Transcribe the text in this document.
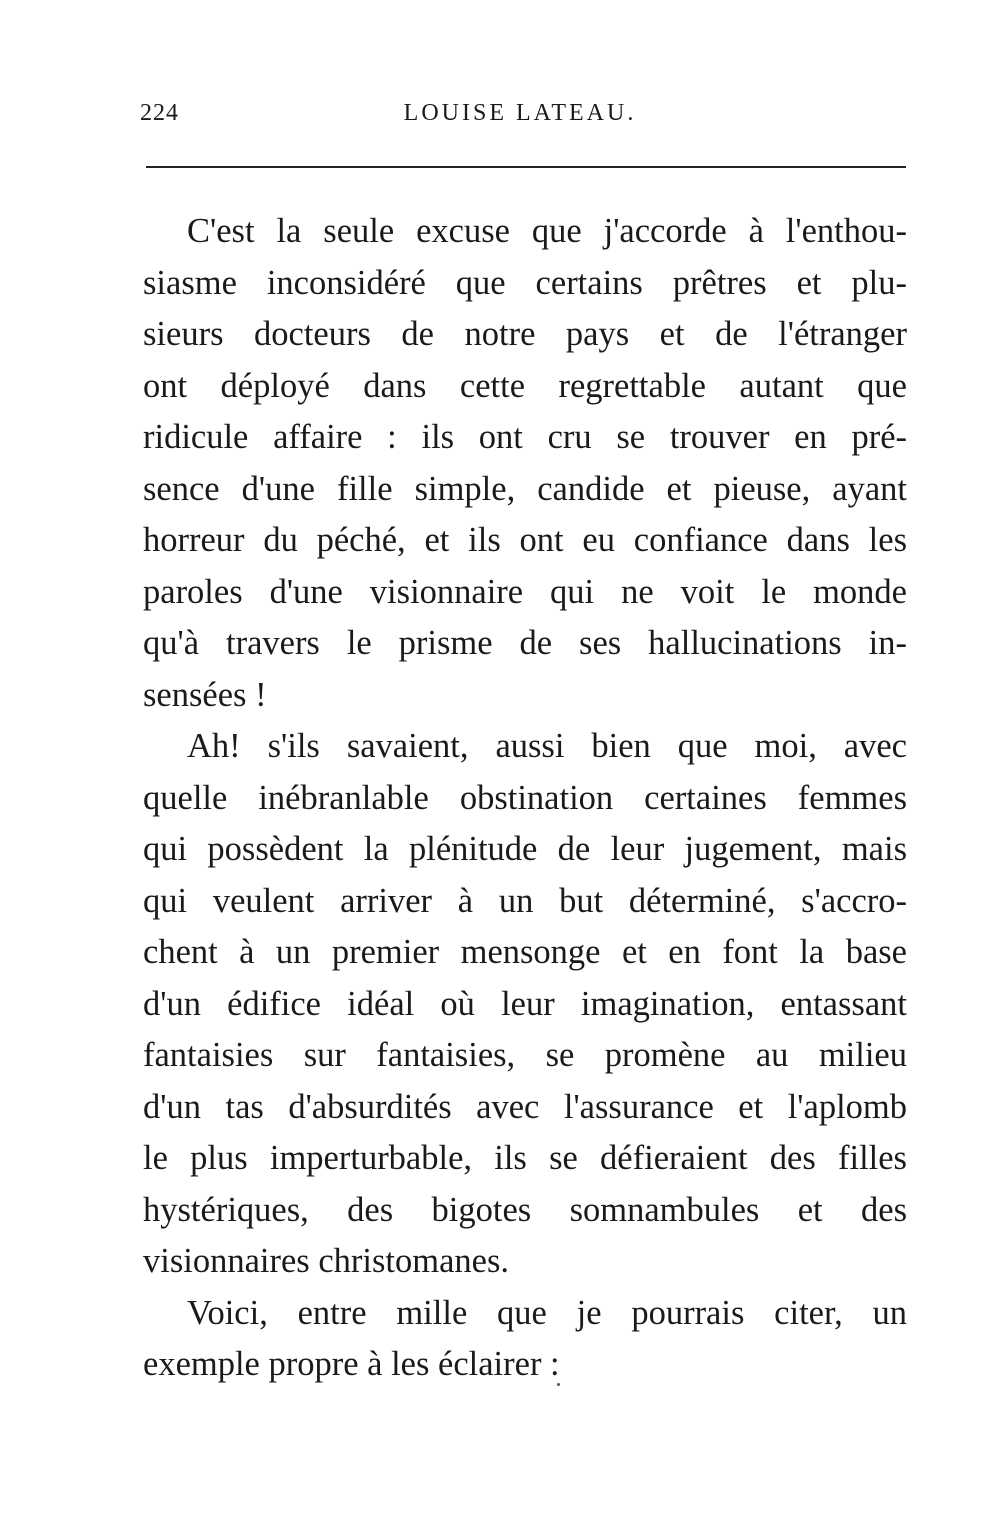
224	LOUISE LATEAU.

C'est la seule excuse que j'accorde à l'enthou-
siasme inconsidéré que certains prêtres et plu-
sieurs docteurs de notre pays et de l'étranger
ont déployé dans cette regrettable autant que
ridicule affaire : ils ont cru se trouver en pré-
sence d'une fille simple, candide et pieuse, ayant
horreur du péché, et ils ont eu confiance dans les
paroles d'une visionnaire qui ne voit le monde
qu'à travers le prisme de ses hallucinations in-
sensées !

Ah! s'ils savaient, aussi bien que moi, avec
quelle inébranlable obstination certaines femmes
qui possèdent la plénitude de leur jugement, mais
qui veulent arriver à un but déterminé, s'accro-
chent à un premier mensonge et en font la base
d'un édifice idéal où leur imagination, entassant
fantaisies sur fantaisies, se promène au milieu
d'un tas d'absurdités avec l'assurance et l'aplomb
le plus imperturbable, ils se défieraient des filles
hystériques, des bigotes somnambules et des
visionnaires christomanes.

Voici, entre mille que je pourrais citer, un
exemple propre à les éclairer :
